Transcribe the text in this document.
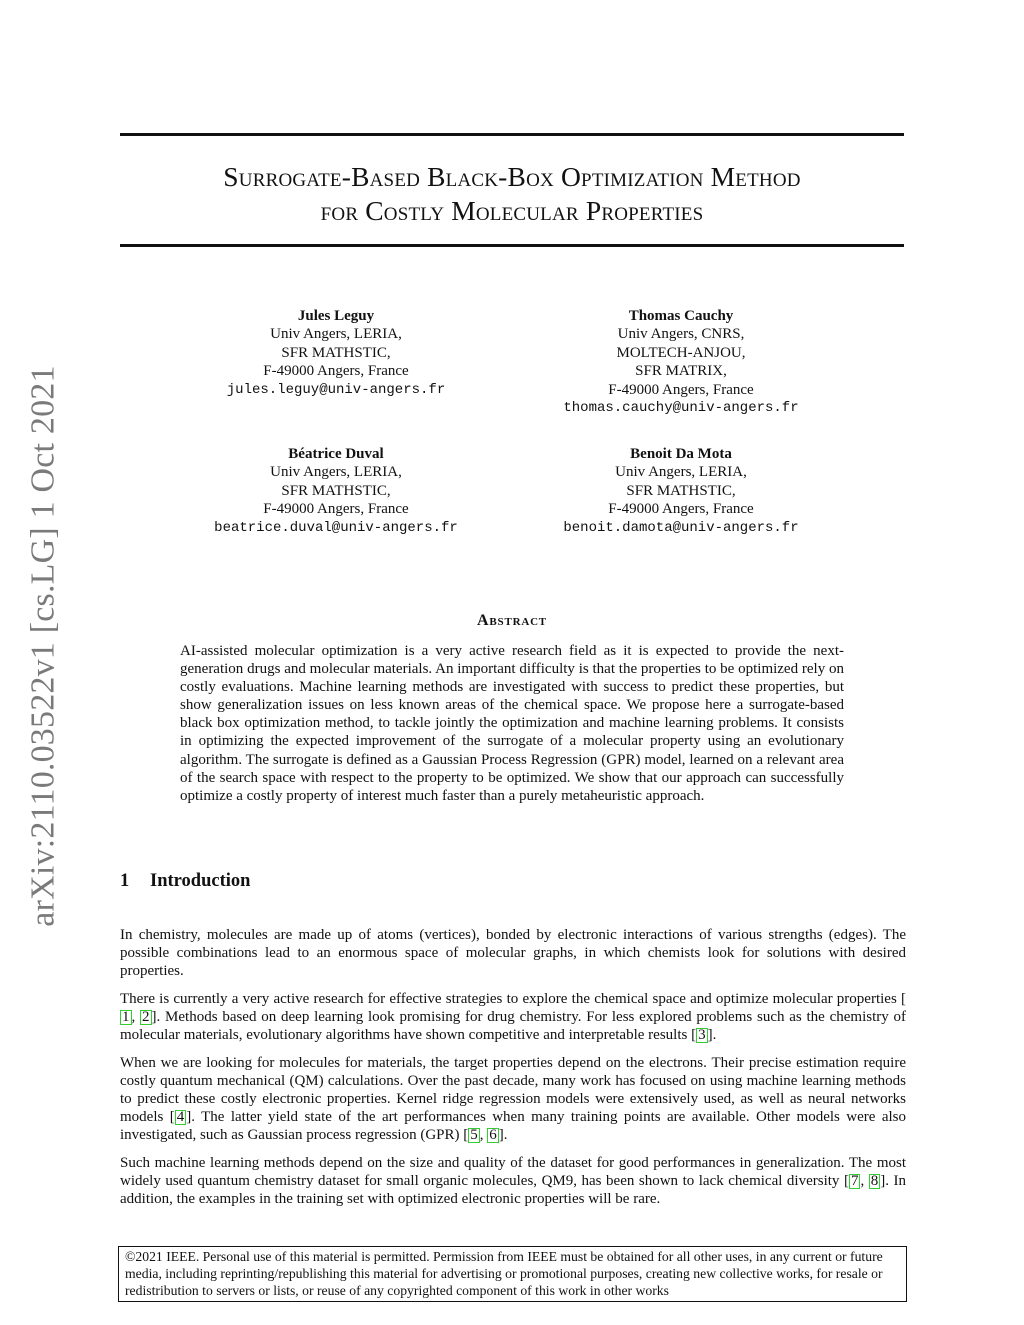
arXiv:2110.03522v1 [cs.LG] 1 Oct 2021
Surrogate-Based Black-Box Optimization Method
for Costly Molecular Properties
Jules Leguy
Univ Angers, LERIA,
SFR MATHSTIC,
F-49000 Angers, France
jules.leguy@univ-angers.fr
Thomas Cauchy
Univ Angers, CNRS,
MOLTECH-ANJOU,
SFR MATRIX,
F-49000 Angers, France
thomas.cauchy@univ-angers.fr
Béatrice Duval
Univ Angers, LERIA,
SFR MATHSTIC,
F-49000 Angers, France
beatrice.duval@univ-angers.fr
Benoit Da Mota
Univ Angers, LERIA,
SFR MATHSTIC,
F-49000 Angers, France
benoit.damota@univ-angers.fr
Abstract
AI-assisted molecular optimization is a very active research field as it is expected to provide the next-generation drugs and molecular materials. An important difficulty is that the properties to be optimized rely on costly evaluations. Machine learning methods are investigated with success to predict these properties, but show generalization issues on less known areas of the chemical space. We propose here a surrogate-based black box optimization method, to tackle jointly the optimization and machine learning problems. It consists in optimizing the expected improvement of the surrogate of a molecular property using an evolutionary algorithm. The surrogate is defined as a Gaussian Process Regression (GPR) model, learned on a relevant area of the search space with respect to the property to be optimized. We show that our approach can successfully optimize a costly property of interest much faster than a purely metaheuristic approach.
1 Introduction

In chemistry, molecules are made up of atoms (vertices), bonded by electronic interactions of various strengths (edges). The possible combinations lead to an enormous space of molecular graphs, in which chemists look for solutions with desired properties.

There is currently a very active research for effective strategies to explore the chemical space and optimize molecular properties [1 , 2 ]. Methods based on deep learning look promising for drug chemistry. For less explored problems such as the chemistry of molecular materials, evolutionary algorithms have shown competitive and interpretable results [ 3 ].

When we are looking for molecules for materials, the target properties depend on the electrons. Their precise estimation require costly quantum mechanical (QM) calculations. Over the past decade, many work has focused on using machine learning methods to predict these costly electronic properties. Kernel ridge regression models were extensively used, as well as neural networks models [ 4 ]. The latter yield state of the art performances when many training points are available. Other models were also investigated, such as Gaussian process regression (GPR) [ 5 , 6 ].

Such machine learning methods depend on the size and quality of the dataset for good performances in generalization. The most widely used quantum chemistry dataset for small organic molecules, QM9, has been shown to lack chemical diversity [ 7 , 8 ]. In addition, the examples in the training set with optimized electronic properties will be rare.

©2021 IEEE. Personal use of this material is permitted. Permission from IEEE must be obtained for all other uses, in any current or future media, including reprinting/republishing this material for advertising or promotional purposes, creating new collective works, for resale or redistribution to servers or lists, or reuse of any copyrighted component of this work in other works
